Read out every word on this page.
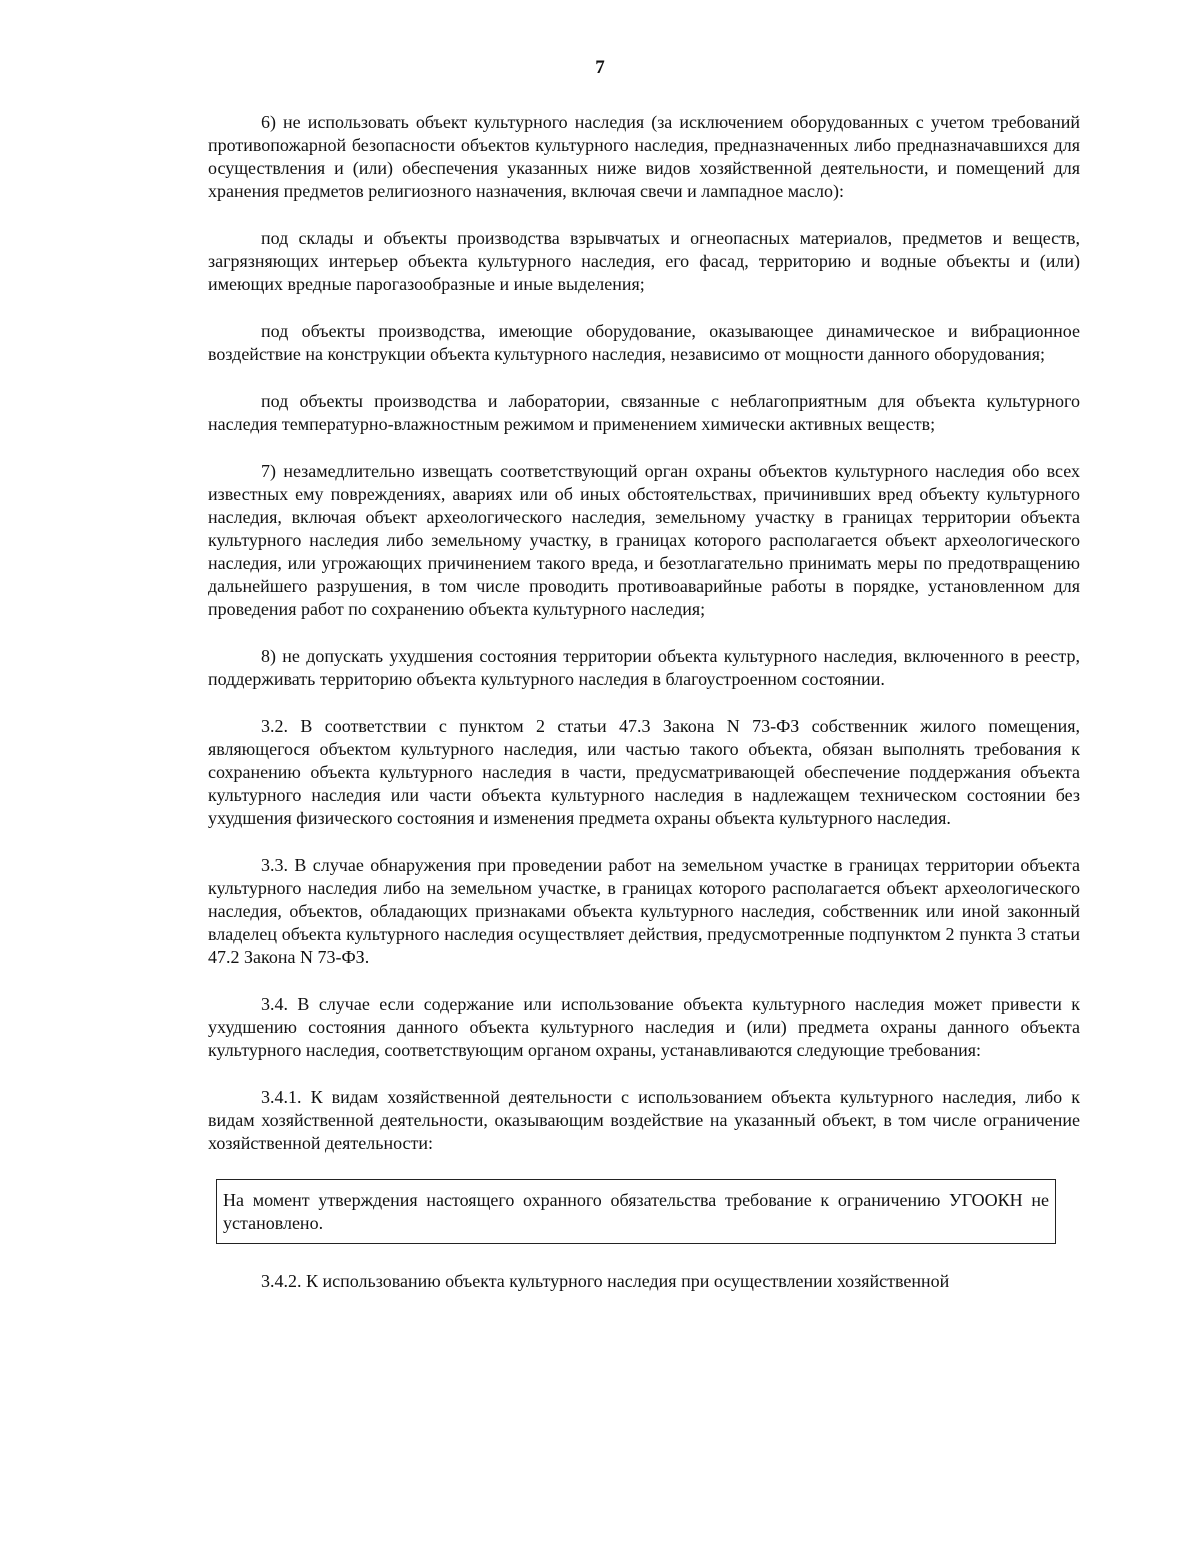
7

6) не использовать объект культурного наследия (за исключением оборудованных с учетом требований противопожарной безопасности объектов культурного наследия, предназначенных либо предназначавшихся для осуществления и (или) обеспечения указанных ниже видов хозяйственной деятельности, и помещений для хранения предметов религиозного назначения, включая свечи и лампадное масло):

под склады и объекты производства взрывчатых и огнеопасных материалов, предметов и веществ, загрязняющих интерьер объекта культурного наследия, его фасад, территорию и водные объекты и (или) имеющих вредные парогазообразные и иные выделения;

под объекты производства, имеющие оборудование, оказывающее динамическое и вибрационное воздействие на конструкции объекта культурного наследия, независимо от мощности данного оборудования;

под объекты производства и лаборатории, связанные с неблагоприятным для объекта культурного наследия температурно-влажностным режимом и применением химически активных веществ;

7) незамедлительно извещать соответствующий орган охраны объектов культурного наследия обо всех известных ему повреждениях, авариях или об иных обстоятельствах, причинивших вред объекту культурного наследия, включая объект археологического наследия, земельному участку в границах территории объекта культурного наследия либо земельному участку, в границах которого располагается объект археологического наследия, или угрожающих причинением такого вреда, и безотлагательно принимать меры по предотвращению дальнейшего разрушения, в том числе проводить противоаварийные работы в порядке, установленном для проведения работ по сохранению объекта культурного наследия;

8) не допускать ухудшения состояния территории объекта культурного наследия, включенного в реестр, поддерживать территорию объекта культурного наследия в благоустроенном состоянии.

3.2. В соответствии с пунктом 2 статьи 47.3 Закона N 73-ФЗ собственник жилого помещения, являющегося объектом культурного наследия, или частью такого объекта, обязан выполнять требования к сохранению объекта культурного наследия в части, предусматривающей обеспечение поддержания объекта культурного наследия или части объекта культурного наследия в надлежащем техническом состоянии без ухудшения физического состояния и изменения предмета охраны объекта культурного наследия.

3.3. В случае обнаружения при проведении работ на земельном участке в границах территории объекта культурного наследия либо на земельном участке, в границах которого располагается объект археологического наследия, объектов, обладающих признаками объекта культурного наследия, собственник или иной законный владелец объекта культурного наследия осуществляет действия, предусмотренные подпунктом 2 пункта 3 статьи 47.2 Закона N 73-ФЗ.

3.4. В случае если содержание или использование объекта культурного наследия может привести к ухудшению состояния данного объекта культурного наследия и (или) предмета охраны данного объекта культурного наследия, соответствующим органом охраны, устанавливаются следующие требования:

3.4.1. К видам хозяйственной деятельности с использованием объекта культурного наследия, либо к видам хозяйственной деятельности, оказывающим воздействие на указанный объект, в том числе ограничение хозяйственной деятельности:

На момент утверждения настоящего охранного обязательства требование к ограничению УГООКН не установлено.

3.4.2. К использованию объекта культурного наследия при осуществлении хозяйственной
